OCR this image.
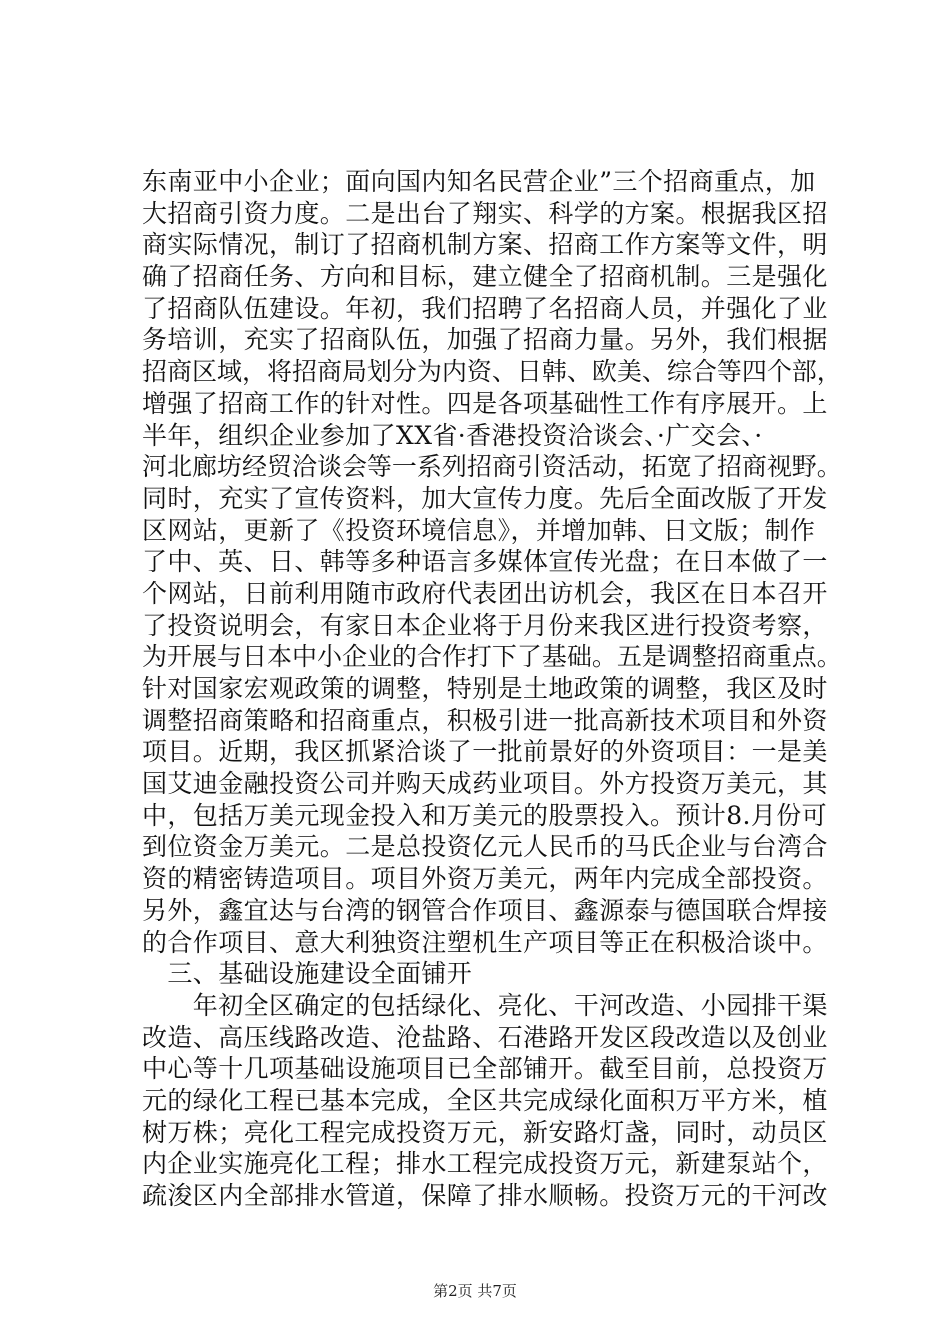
东南亚中小企业；面向国内知名民营企业”三个招商重点，加
大招商引资力度。二是出台了翔实、科学的方案。根据我区招
商实际情况，制订了招商机制方案、招商工作方案等文件，明
确了招商任务、方向和目标，建立健全了招商机制。三是强化
了招商队伍建设。年初，我们招聘了名招商人员，并强化了业
务培训，充实了招商队伍，加强了招商力量。另外，我们根据
招商区域，将招商局划分为内资、日韩、欧美、综合等四个部，
增强了招商工作的针对性。四是各项基础性工作有序展开。上
半年，组织企业参加了XX省·香港投资洽谈会、·广交会、·
河北廊坊经贸洽谈会等一系列招商引资活动，拓宽了招商视野。
同时，充实了宣传资料，加大宣传力度。先后全面改版了开发
区网站，更新了《投资环境信息》，并增加韩、日文版；制作
了中、英、日、韩等多种语言多媒体宣传光盘；在日本做了一
个网站，日前利用随市政府代表团出访机会，我区在日本召开
了投资说明会，有家日本企业将于月份来我区进行投资考察，
为开展与日本中小企业的合作打下了基础。五是调整招商重点。
针对国家宏观政策的调整，特别是土地政策的调整，我区及时
调整招商策略和招商重点，积极引进一批高新技术项目和外资
项目。近期，我区抓紧洽谈了一批前景好的外资项目：一是美
国艾迪金融投资公司并购天成药业项目。外方投资万美元，其
中，包括万美元现金投入和万美元的股票投入。预计8.月份可
到位资金万美元。二是总投资亿元人民币的马氏企业与台湾合
资的精密铸造项目。项目外资万美元，两年内完成全部投资。
另外，鑫宜达与台湾的钢管合作项目、鑫源泰与德国联合焊接
的合作项目、意大利独资注塑机生产项目等正在积极洽谈中。
　三、基础设施建设全面铺开
　　年初全区确定的包括绿化、亮化、干河改造、小园排干渠
改造、高压线路改造、沧盐路、石港路开发区段改造以及创业
中心等十几项基础设施项目已全部铺开。截至目前，总投资万
元的绿化工程已基本完成，全区共完成绿化面积万平方米，植
树万株；亮化工程完成投资万元，新安路灯盏，同时，动员区
内企业实施亮化工程；排水工程完成投资万元，新建泵站个，
疏浚区内全部排水管道，保障了排水顺畅。投资万元的干河改
第2页 共7页
